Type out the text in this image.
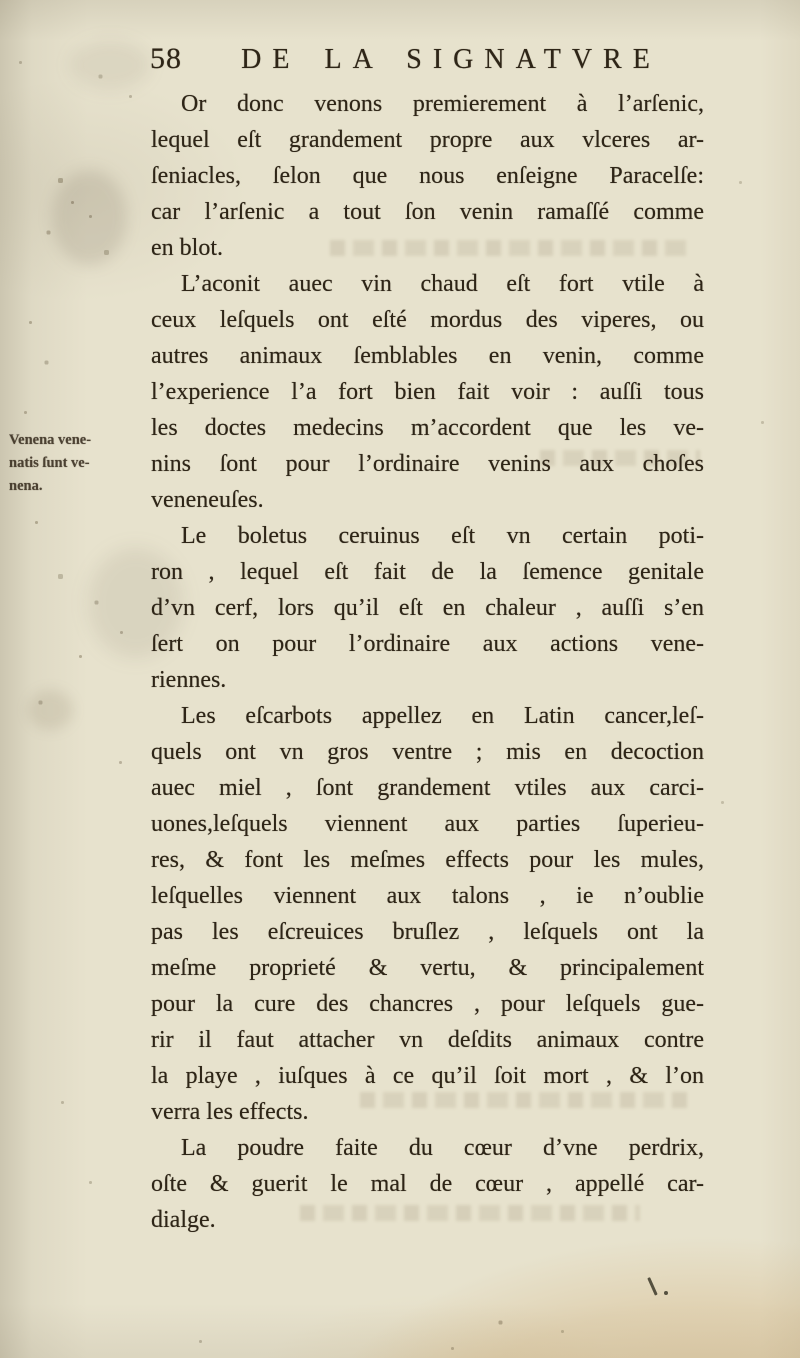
58	DE LA SIGNATVRE
Venena vene-
natis ſunt ve-
nena.
Or donc venons premierement à l’arſenic,
lequel eſt grandement propre aux vlceres ar-
ſeniacles, ſelon que nous enſeigne Paracelſe:
car l’arſenic a tout ſon venin ramaſſé comme
en blot.
L’aconit auec vin chaud eſt fort vtile à
ceux leſquels ont eſté mordus des viperes, ou
autres animaux ſemblables en venin, comme
l’experience l’a fort bien fait voir : auſſi tous
les doctes medecins m’accordent que les ve-
nins ſont pour l’ordinaire venins aux choſes
veneneuſes.
Le boletus ceruinus eſt vn certain poti-
ron , lequel eſt fait de la ſemence genitale
d’vn cerf, lors qu’il eſt en chaleur , auſſi s’en
ſert on pour l’ordinaire aux actions vene-
riennes.
Les eſcarbots appellez en Latin cancer,leſ-
quels ont vn gros ventre ; mis en decoction
auec miel , ſont grandement vtiles aux carci-
uones,leſquels viennent aux parties ſuperieu-
res, & font les meſmes effects pour les mules,
leſquelles viennent aux talons , ie n’oublie
pas les eſcreuices bruſlez , leſquels ont la
meſme proprieté & vertu, & principalement
pour la cure des chancres , pour leſquels gue-
rir il faut attacher vn deſdits animaux contre
la playe , iuſques à ce qu’il ſoit mort , & l’on
verra les effects.
La poudre faite du cœur d’vne perdrix,
oſte & guerit le mal de cœur , appellé car-
dialge.
